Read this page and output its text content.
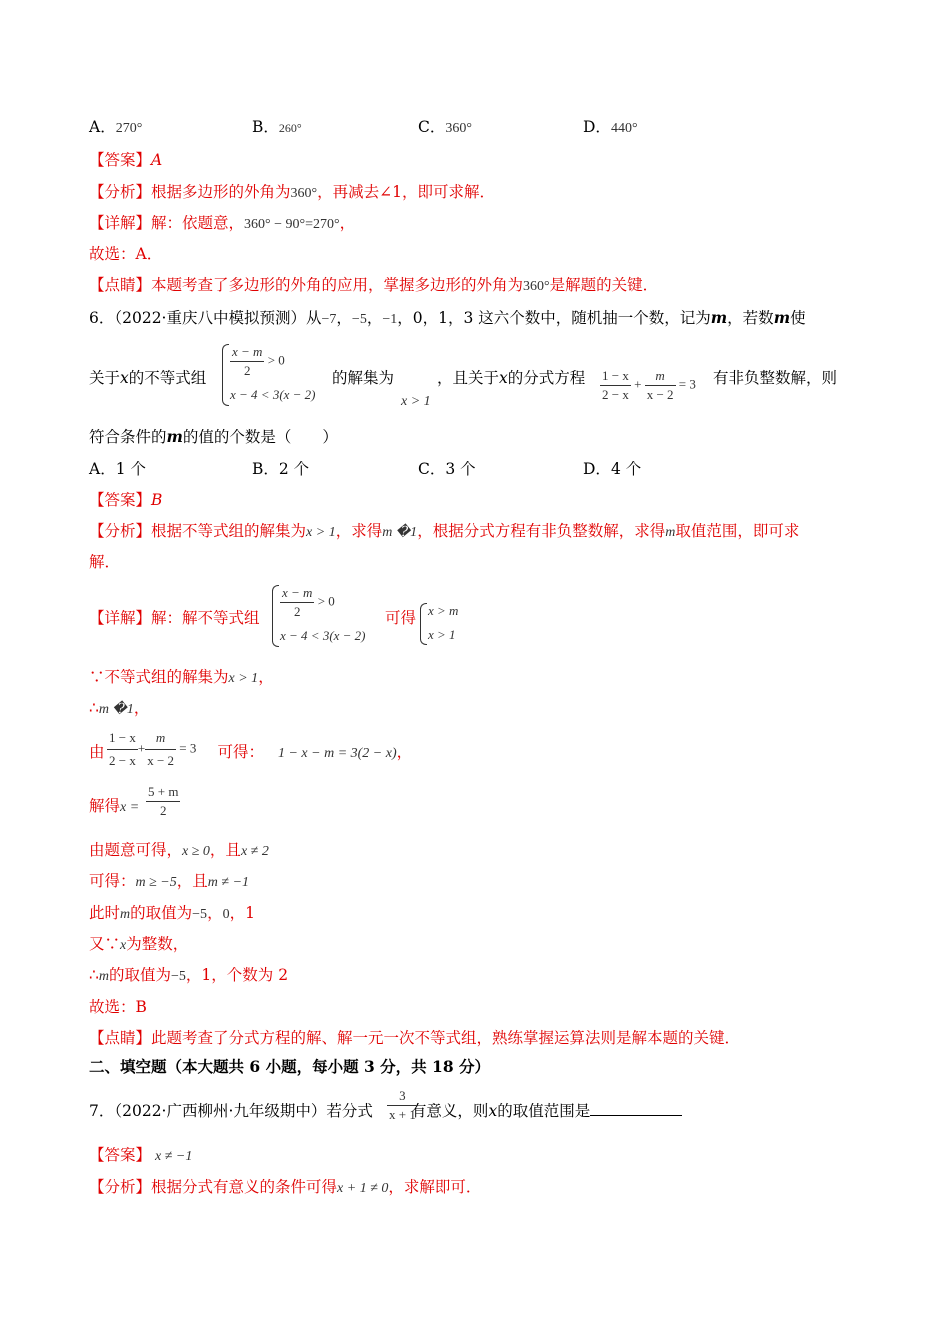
A．270°	B．260°	C．360°	D．440°
【答案】A
【分析】根据多边形的外角为360°，再减去∠1，即可求解．
【详解】解：依题意，360° − 90°=270°，
故选：A．
【点睛】本题考查了多边形的外角的应用，掌握多边形的外角为360°是解题的关键．
6．（2022·重庆八中模拟预测）从−7，−5，−1，0，1，3 这六个数中，随机抽一个数，记为m，若数m使
关于x的不等式组 $\frac{x - m}{2} > 0$
x − 4 < 3(x − 2)
的解集为
x > 1
，且关于x的分式方程 $\frac{1 - x}{2 - x} + \frac{m}{x - 2} = 3$ 有非负整数解，则
符合条件的m的值的个数是（　　）
A．1 个	B．2 个	C．3 个	D．4 个
【答案】B
【分析】根据不等式组的解集为x > 1，求得m �1，根据分式方程有非负整数解，求得m取值范围，即可求
解．
【详解】解：解不等式组 $\frac{x - m}{2} > 0$
x − 4 < 3(x − 2)
可得 x > m
x > 1
∵不等式组的解集为x > 1，
∴m �1，
由 $\frac{1 - x}{2 - x} + \frac{m}{x - 2} = 3$	可得： 1 − x − m = 3(2 − x)，
解得$x = \frac{5 + m}{2}$
由题意可得，x ≥ 0，且x ≠ 2
可得：m ≥ −5，且m ≠ −1
此时m的取值为−5，0，1
又∵x为整数，
∴m的取值为−5，1，个数为 2
故选：B
【点睛】此题考查了分式方程的解、解一元一次不等式组，熟练掌握运算法则是解本题的关键．
二、填空题（本大题共 6 小题，每小题 3 分，共 18 分）
7．（2022·广西柳州·九年级期中）若分式 有意义，则x的取值范围是
$\frac{3}{x + 1}$
【答案】 x ≠ −1
【分析】根据分式有意义的条件可得x + 1 ≠ 0，求解即可．
